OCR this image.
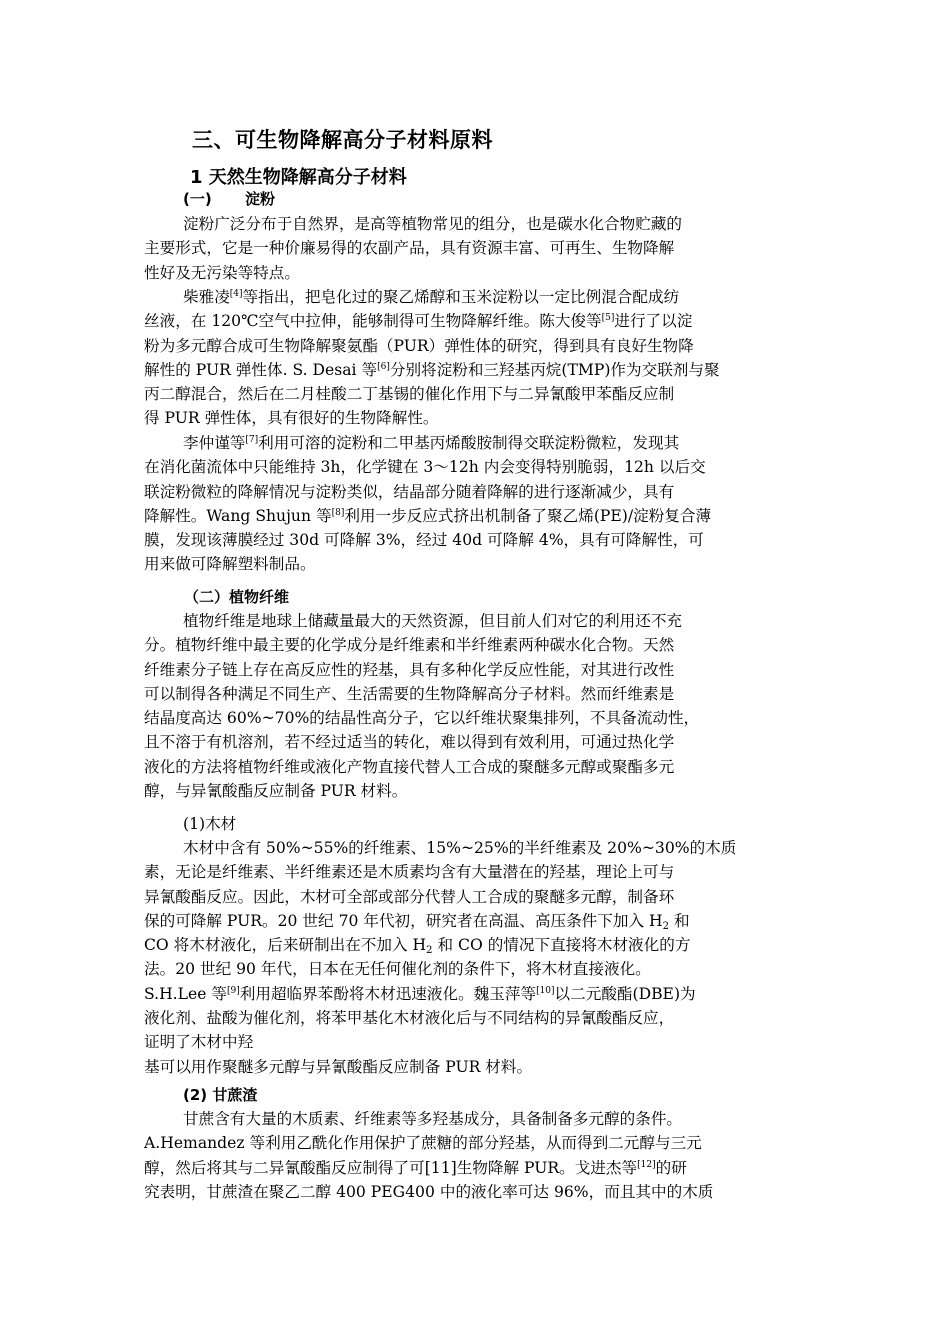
三、可生物降解高分子材料原料
1 天然生物降解高分子材料
(一) 淀粉
淀粉广泛分布于自然界，是高等植物常见的组分，也是碳水化合物贮藏的
主要形式，它是一种价廉易得的农副产品，具有资源丰富、可再生、生物降解
性好及无污染等特点。
柴雅凌[4]等指出，把皂化过的聚乙烯醇和玉米淀粉以一定比例混合配成纺
丝液，在 120℃空气中拉伸，能够制得可生物降解纤维。陈大俊等[5]进行了以淀
粉为多元醇合成可生物降解聚氨酯（PUR）弹性体的研究，得到具有良好生物降
解性的 PUR 弹性体. S. Desai 等[6]分别将淀粉和三羟基丙烷(TMP)作为交联剂与聚
丙二醇混合，然后在二月桂酸二丁基锡的催化作用下与二异氰酸甲苯酯反应制
得 PUR 弹性体，具有很好的生物降解性。
李仲谨等[7]利用可溶的淀粉和二甲基丙烯酸胺制得交联淀粉微粒，发现其
在消化菌流体中只能维持 3h，化学键在 3～12h 内会变得特别脆弱，12h 以后交
联淀粉微粒的降解情况与淀粉类似，结晶部分随着降解的进行逐渐减少，具有
降解性。Wang Shujun 等[8]利用一步反应式挤出机制备了聚乙烯(PE)/淀粉复合薄
膜，发现该薄膜经过 30d 可降解 3%，经过 40d 可降解 4%，具有可降解性，可
用来做可降解塑料制品。
（二）植物纤维
植物纤维是地球上储藏量最大的天然资源，但目前人们对它的利用还不充
分。植物纤维中最主要的化学成分是纤维素和半纤维素两种碳水化合物。天然
纤维素分子链上存在高反应性的羟基，具有多种化学反应性能，对其进行改性
可以制得各种满足不同生产、生活需要的生物降解高分子材料。然而纤维素是
结晶度高达 60%~70%的结晶性高分子，它以纤维状聚集排列，不具备流动性，
且不溶于有机溶剂，若不经过适当的转化，难以得到有效利用，可通过热化学
液化的方法将植物纤维或液化产物直接代替人工合成的聚醚多元醇或聚酯多元
醇，与异氰酸酯反应制备 PUR 材料。
(1)木材
木材中含有 50%~55%的纤维素、15%~25%的半纤维素及 20%~30%的木质
素，无论是纤维素、半纤维素还是木质素均含有大量潜在的羟基，理论上可与
异氰酸酯反应。因此，木材可全部或部分代替人工合成的聚醚多元醇，制备环
保的可降解 PUR。20 世纪 70 年代初，研究者在高温、高压条件下加入 $H_2$ 和
CO 将木材液化，后来研制出在不加入 $H_2$ 和 CO 的情况下直接将木材液化的方
法。20 世纪 90 年代，日本在无任何催化剂的条件下，将木材直接液化。
S.H.Lee 等[9]利用超临界苯酚将木材迅速液化。魏玉萍等[10]以二元酸酯(DBE)为
液化剂、盐酸为催化剂，将苯甲基化木材液化后与不同结构的异氰酸酯反应，
证明了木材中羟
基可以用作聚醚多元醇与异氰酸酯反应制备 PUR 材料。
(2) 甘蔗渣
甘蔗含有大量的木质素、纤维素等多羟基成分，具备制备多元醇的条件。
A.Hemandez 等利用乙酰化作用保护了蔗糖的部分羟基，从而得到二元醇与三元
醇，然后将其与二异氰酸酯反应制得了可[11]生物降解 PUR。戈进杰等[12]的研
究表明，甘蔗渣在聚乙二醇 400 PEG400 中的液化率可达 96%，而且其中的木质
